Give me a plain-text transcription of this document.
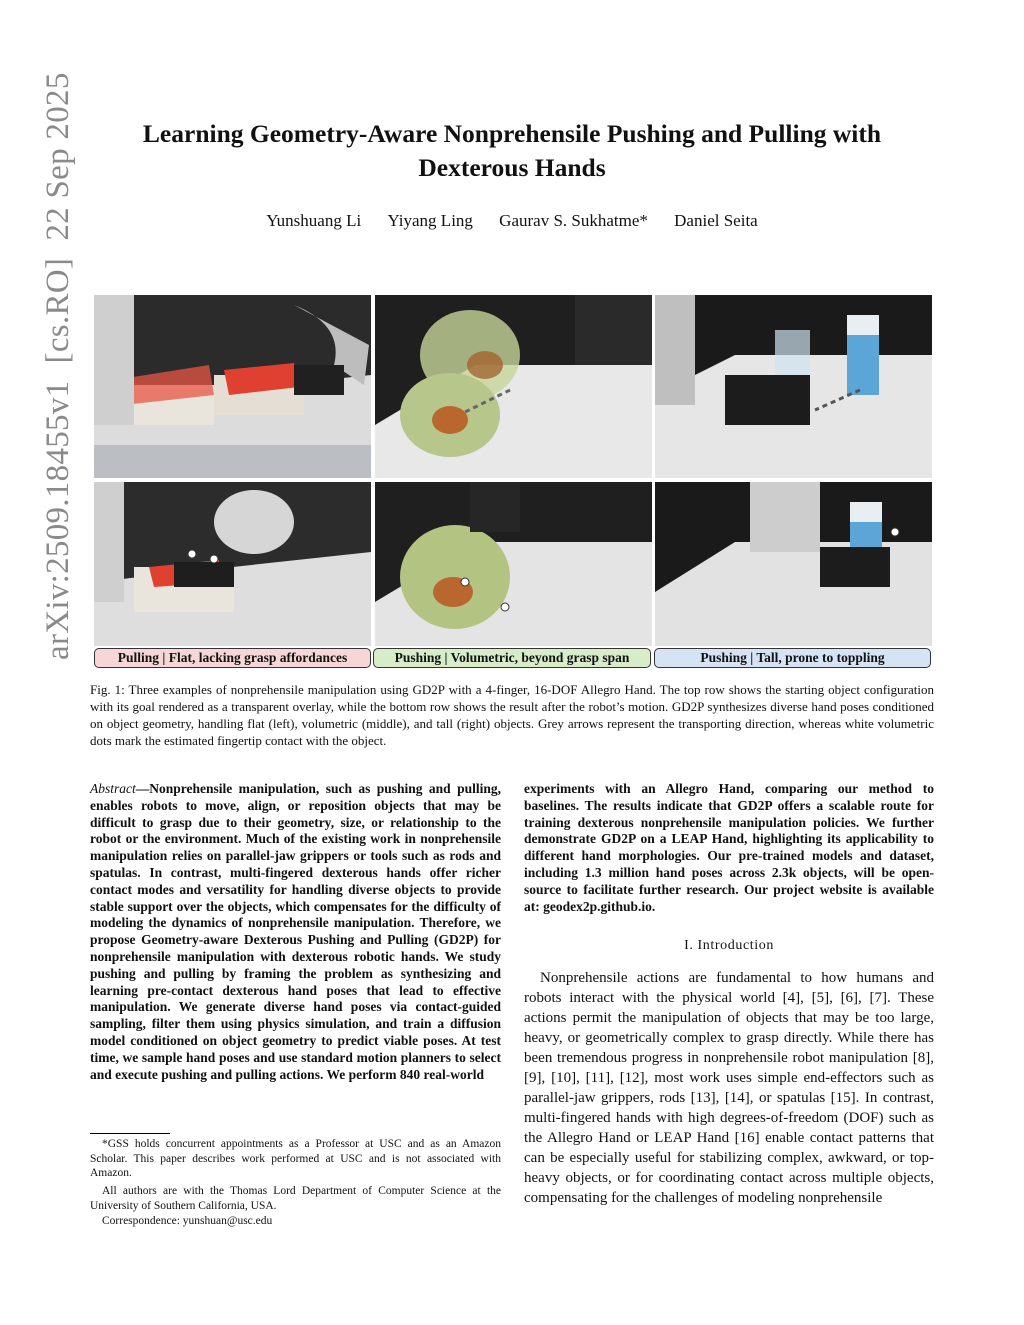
arXiv:2509.18455v1  [cs.RO]  22 Sep 2025	Learning Geometry-Aware Nonprehensile Pushing and Pulling with Dexterous Hands
Yunshuang Li Yiyang Ling Gaurav S. Sukhatme* Daniel Seita
Pulling | Flat, lacking grasp affordances	Pushing | Volumetric, beyond grasp span	Pushing | Tall, prone to toppling
Fig. 1: Three examples of nonprehensile manipulation using GD2P with a 4-finger, 16-DOF Allegro Hand. The top row shows the starting object configuration with its goal rendered as a transparent overlay, while the bottom row shows the result after the robot’s motion. GD2P synthesizes diverse hand poses conditioned on object geometry, handling flat (left), volumetric (middle), and tall (right) objects. Grey arrows represent the transporting direction, whereas white volumetric dots mark the estimated fingertip contact with the object.
Abstract—Nonprehensile manipulation, such as pushing and pulling, enables robots to move, align, or reposition objects that may be difficult to grasp due to their geometry, size, or relationship to the robot or the environment. Much of the existing work in nonprehensile manipulation relies on parallel-jaw grippers or tools such as rods and spatulas. In contrast, multi-fingered dexterous hands offer richer contact modes and versatility for handling diverse objects to provide stable support over the objects, which compensates for the difficulty of modeling the dynamics of nonprehensile manipulation. Therefore, we propose Geometry-aware Dexterous Pushing and Pulling (GD2P) for nonprehensile manipulation with dexterous robotic hands. We study pushing and pulling by framing the problem as synthesizing and learning pre-contact dexterous hand poses that lead to effective manipulation. We generate diverse hand poses via contact-guided sampling, filter them using physics simulation, and train a diffusion model conditioned on object geometry to predict viable poses. At test time, we sample hand poses and use standard motion planners to select and execute pushing and pulling actions. We perform 840 real-world
experiments with an Allegro Hand, comparing our method to baselines. The results indicate that GD2P offers a scalable route for training dexterous nonprehensile manipulation policies. We further demonstrate GD2P on a LEAP Hand, highlighting its applicability to different hand morphologies. Our pre-trained models and dataset, including 1.3 million hand poses across 2.3k objects, will be open-source to facilitate further research. Our project website is available at: geodex2p.github.io.
I. Introduction
Nonprehensile actions are fundamental to how humans and robots interact with the physical world [4], [5], [6], [7]. These actions permit the manipulation of objects that may be too large, heavy, or geometrically complex to grasp directly. While there has been tremendous progress in nonprehensile robot manipulation [8], [9], [10], [11], [12], most work uses simple end-effectors such as parallel-jaw grippers, rods [13], [14], or spatulas [15]. In contrast, multi-fingered hands with high degrees-of-freedom (DOF) such as the Allegro Hand or LEAP Hand [16] enable contact patterns that can be especially useful for stabilizing complex, awkward, or top-heavy objects, or for coordinating contact across multiple objects, compensating for the challenges of modeling nonprehensile
*GSS holds concurrent appointments as a Professor at USC and as an Amazon Scholar. This paper describes work performed at USC and is not associated with Amazon.
All authors are with the Thomas Lord Department of Computer Science at the University of Southern California, USA.
Correspondence: yunshuan@usc.edu
